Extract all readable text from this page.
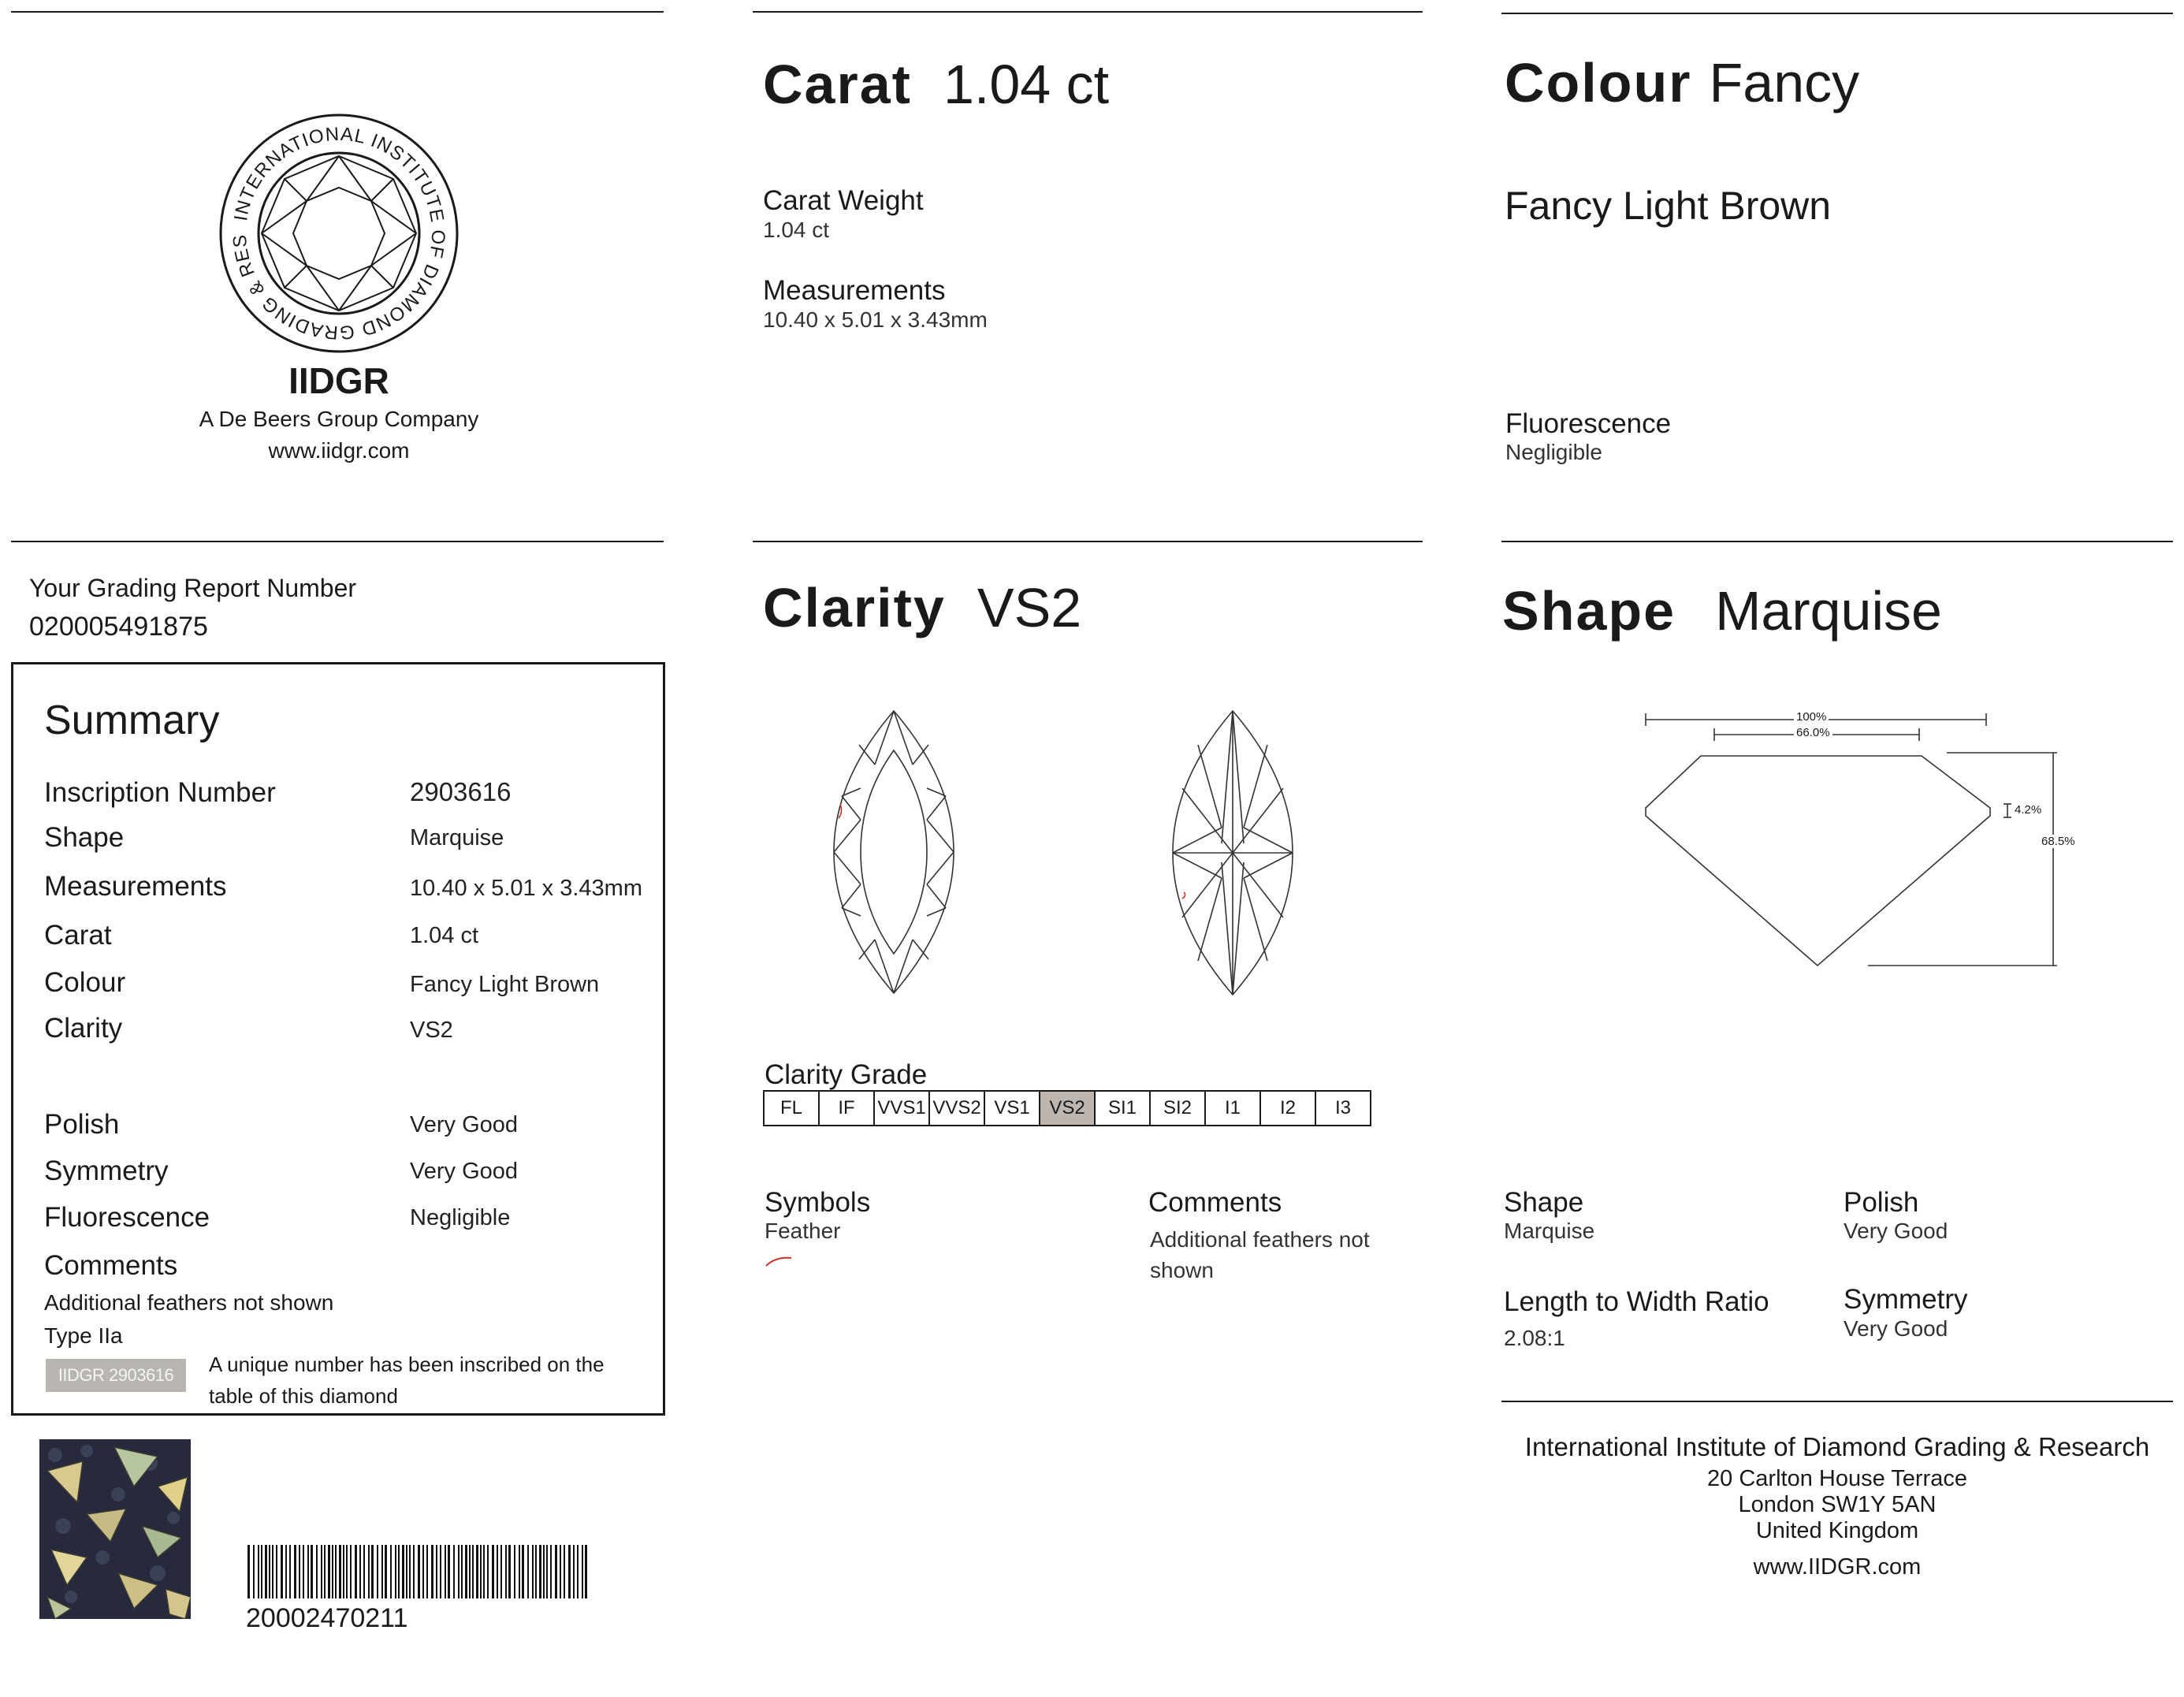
INTERNATIONAL INSTITUTE OF DIAMOND GRADING & RES
IIDGR
A De Beers Group Company
www.iidgr.com
Your Grading Report Number
020005491875
Summary
Inscription Number	2903616
Shape	Marquise
Measurements	10.40 x 5.01 x 3.43mm
Carat	1.04 ct
Colour	Fancy Light Brown
Clarity	VS2
Polish	Very Good
Symmetry	Very Good
Fluorescence	Negligible
Comments
Additional feathers not shown
Type IIa
IIDGR 2903616 A unique number has been inscribed on the
table of this diamond
20002470211
Carat 1.04 ct
Carat Weight
1.04 ct
Measurements
10.40 x 5.01 x 3.43mm
Colour Fancy
Fancy Light Brown
Fluorescence
Negligible
Clarity VS2
Clarity Grade
FL	IF	VVS1 VVS2 VS1	VS2	SI1	SI2	I1	I2	I3
Symbols
Feather
Comments
Additional feathers not
shown
Shape Marquise
100%
66.0%
4.2%
68.5%
Shape
Marquise
Polish
Very Good
Length to Width Ratio
2.08:1
Symmetry
Very Good
International Institute of Diamond Grading & Research
20 Carlton House Terrace
London SW1Y 5AN
United Kingdom
www.IIDGR.com
